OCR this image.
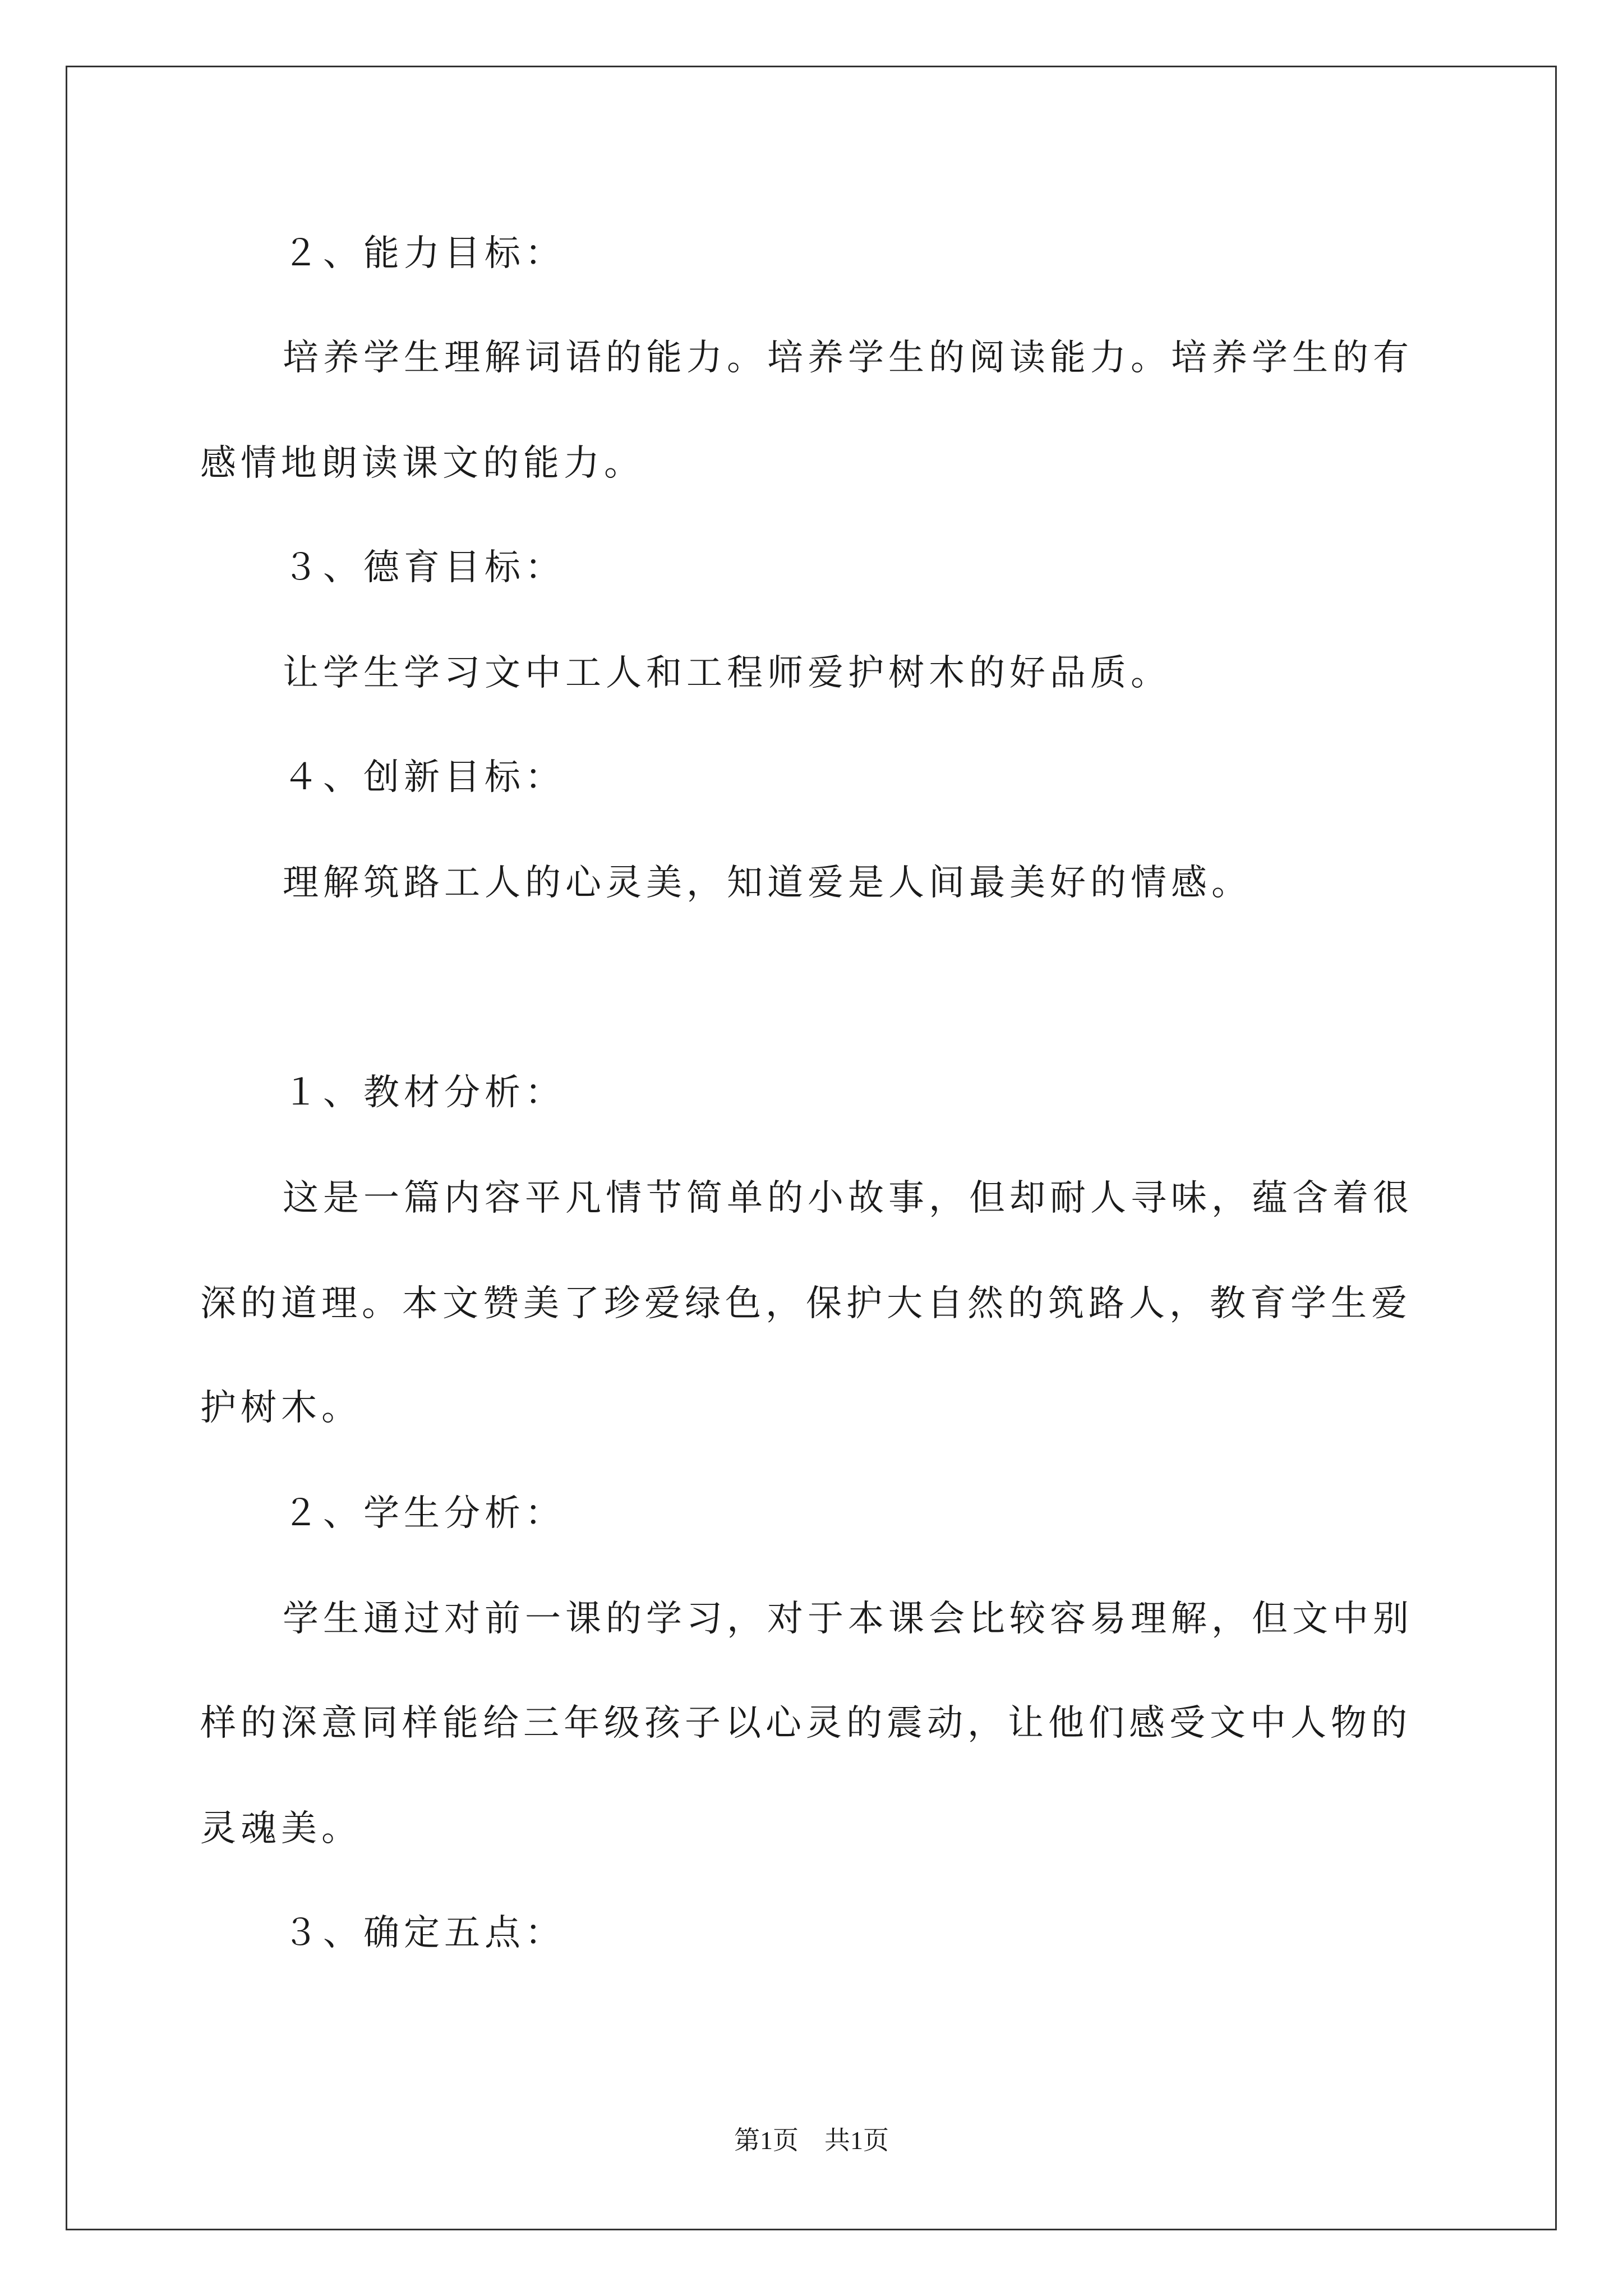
２、能力目标：
培养学生理解词语的能力。培养学生的阅读能力。培养学生的有
感情地朗读课文的能力。
３、德育目标：
让学生学习文中工人和工程师爱护树木的好品质。
４、创新目标：
理解筑路工人的心灵美，知道爱是人间最美好的情感。
１、教材分析：
这是一篇内容平凡情节简单的小故事，但却耐人寻味，蕴含着很
深的道理。本文赞美了珍爱绿色，保护大自然的筑路人，教育学生爱
护树木。
２、学生分析：
学生通过对前一课的学习，对于本课会比较容易理解，但文中别
样的深意同样能给三年级孩子以心灵的震动，让他们感受文中人物的
灵魂美。
３、确定五点：
第1页　共1页
